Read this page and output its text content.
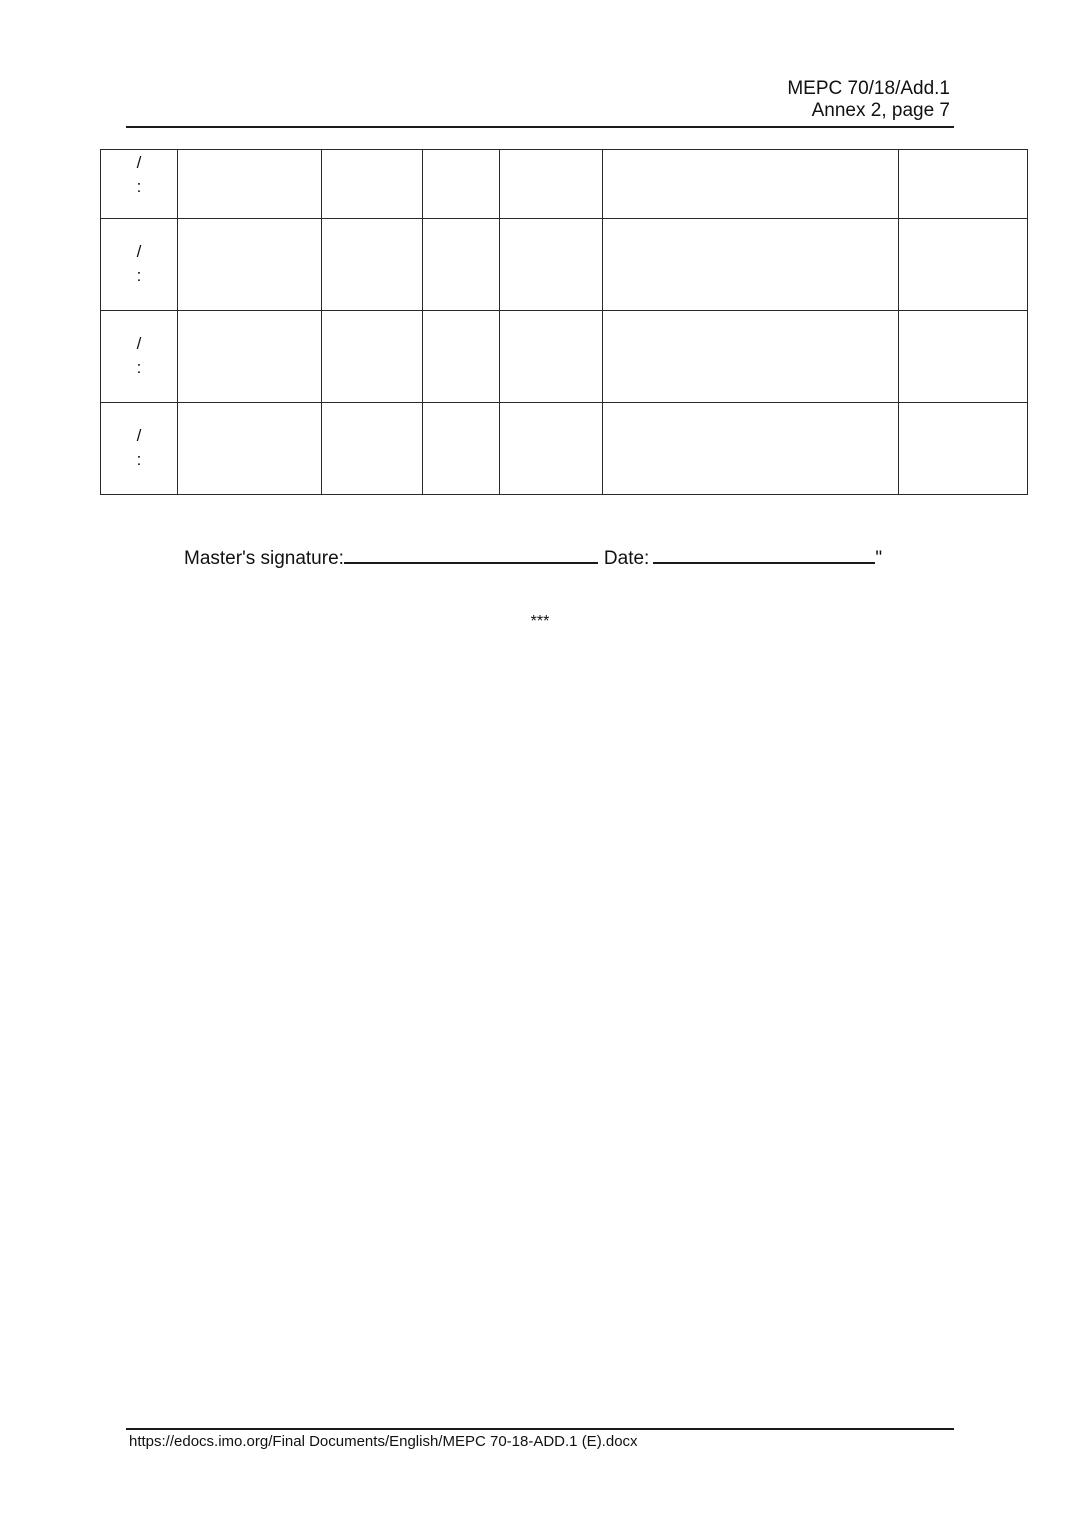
MEPC 70/18/Add.1
Annex 2, page 7
/
:						

/
:						

/
:						

/
:						

Master's signature:	Date:	"
***
https://edocs.imo.org/Final Documents/English/MEPC 70-18-ADD.1 (E).docx
